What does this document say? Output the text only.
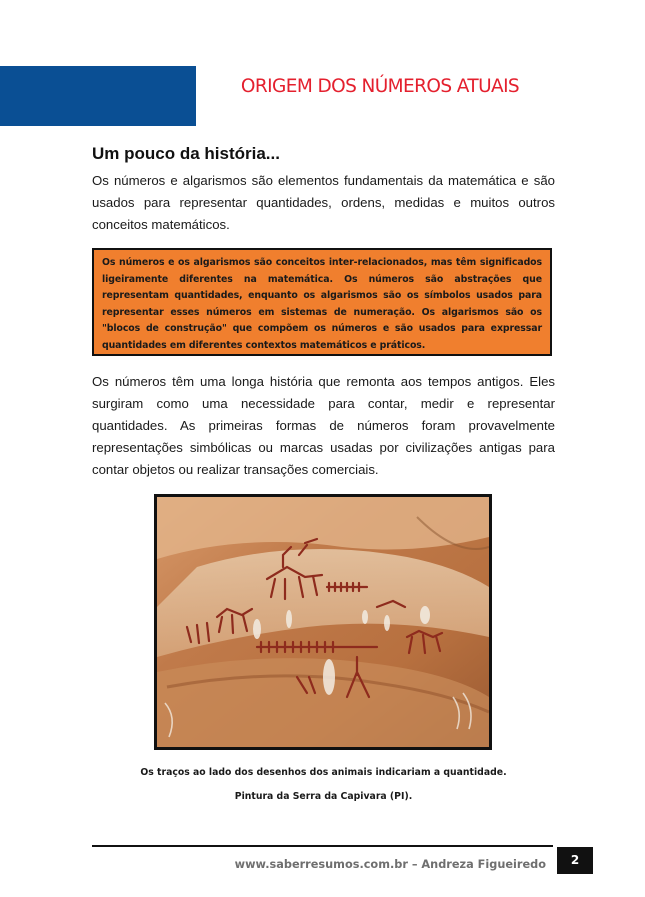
ORIGEM DOS NÚMEROS ATUAIS
Um pouco da história...

Os números e algarismos são elementos fundamentais da matemática e são usados para representar quantidades, ordens, medidas e muitos outros conceitos matemáticos.

Os números e os algarismos são conceitos inter-relacionados, mas têm significados ligeiramente diferentes na matemática. Os números são abstrações que representam quantidades, enquanto os algarismos são os símbolos usados para representar esses números em sistemas de numeração. Os algarismos são os "blocos de construção" que compõem os números e são usados para expressar quantidades em diferentes contextos matemáticos e práticos.

Os números têm uma longa história que remonta aos tempos antigos. Eles surgiram como uma necessidade para contar, medir e representar quantidades. As primeiras formas de números foram provavelmente representações simbólicas ou marcas usadas por civilizações antigas para contar objetos ou realizar transações comerciais.

Os traços ao lado dos desenhos dos animais indicariam a quantidade.

Pintura da Serra da Capivara (PI).

www.saberresumos.com.br – Andreza Figueiredo	2
